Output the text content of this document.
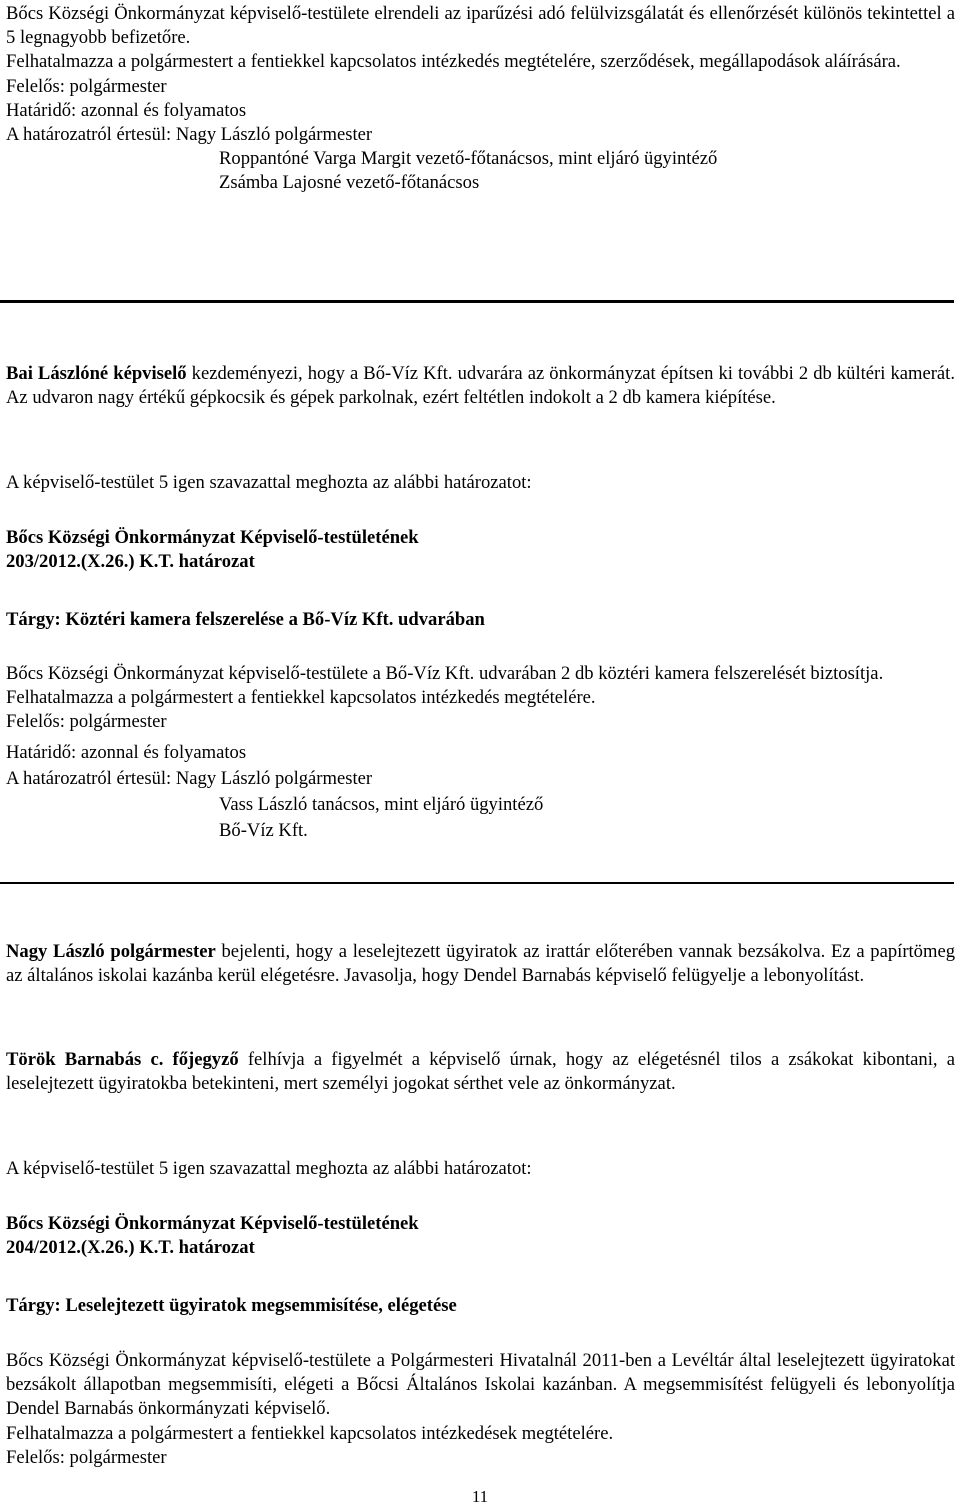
Bőcs Községi Önkormányzat képviselő-testülete elrendeli az iparűzési adó felülvizsgálatát és ellenőrzését különös tekintettel a 5 legnagyobb befizetőre.

Felhatalmazza a polgármestert a fentiekkel kapcsolatos intézkedés megtételére, szerződések, megállapodások aláírására.

Felelős: polgármester

Határidő: azonnal és folyamatos

A határozatról értesül: Nagy László polgármester

Roppantóné Varga Margit vezető-főtanácsos, mint eljáró ügyintéző

Zsámba Lajosné vezető-főtanácsos

Bai Lászlóné képviselő kezdeményezi, hogy a Bő-Víz Kft. udvarára az önkormányzat építsen ki további 2 db kültéri kamerát. Az udvaron nagy értékű gépkocsik és gépek parkolnak, ezért feltétlen indokolt a 2 db kamera kiépítése.

A képviselő-testület 5 igen szavazattal meghozta az alábbi határozatot:

Bőcs Községi Önkormányzat Képviselő-testületének

203/2012.(X.26.) K.T. határozat

Tárgy: Köztéri kamera felszerelése a Bő-Víz Kft. udvarában

Bőcs Községi Önkormányzat képviselő-testülete a Bő-Víz Kft. udvarában 2 db köztéri kamera felszerelését biztosítja.

Felhatalmazza a polgármestert a fentiekkel kapcsolatos intézkedés megtételére.

Felelős: polgármester

Határidő: azonnal és folyamatos

A határozatról értesül: Nagy László polgármester

Vass László tanácsos, mint eljáró ügyintéző

Bő-Víz Kft.

Nagy László polgármester bejelenti, hogy a leselejtezett ügyiratok az irattár előterében vannak bezsákolva. Ez a papírtömeg az általános iskolai kazánba kerül elégetésre. Javasolja, hogy Dendel Barnabás képviselő felügyelje a lebonyolítást.

Török Barnabás c. főjegyző felhívja a figyelmét a képviselő úrnak, hogy az elégetésnél tilos a zsákokat kibontani, a leselejtezett ügyiratokba betekinteni, mert személyi jogokat sérthet vele az önkormányzat.

A képviselő-testület 5 igen szavazattal meghozta az alábbi határozatot:

Bőcs Községi Önkormányzat Képviselő-testületének

204/2012.(X.26.) K.T. határozat

Tárgy: Leselejtezett ügyiratok megsemmisítése, elégetése

Bőcs Községi Önkormányzat képviselő-testülete a Polgármesteri Hivatalnál 2011-ben a Levéltár által leselejtezett ügyiratokat bezsákolt állapotban megsemmisíti, elégeti a Bőcsi Általános Iskolai kazánban. A megsemmisítést felügyeli és lebonyolítja Dendel Barnabás önkormányzati képviselő.

Felhatalmazza a polgármestert a fentiekkel kapcsolatos intézkedések megtételére.

Felelős: polgármester

11
